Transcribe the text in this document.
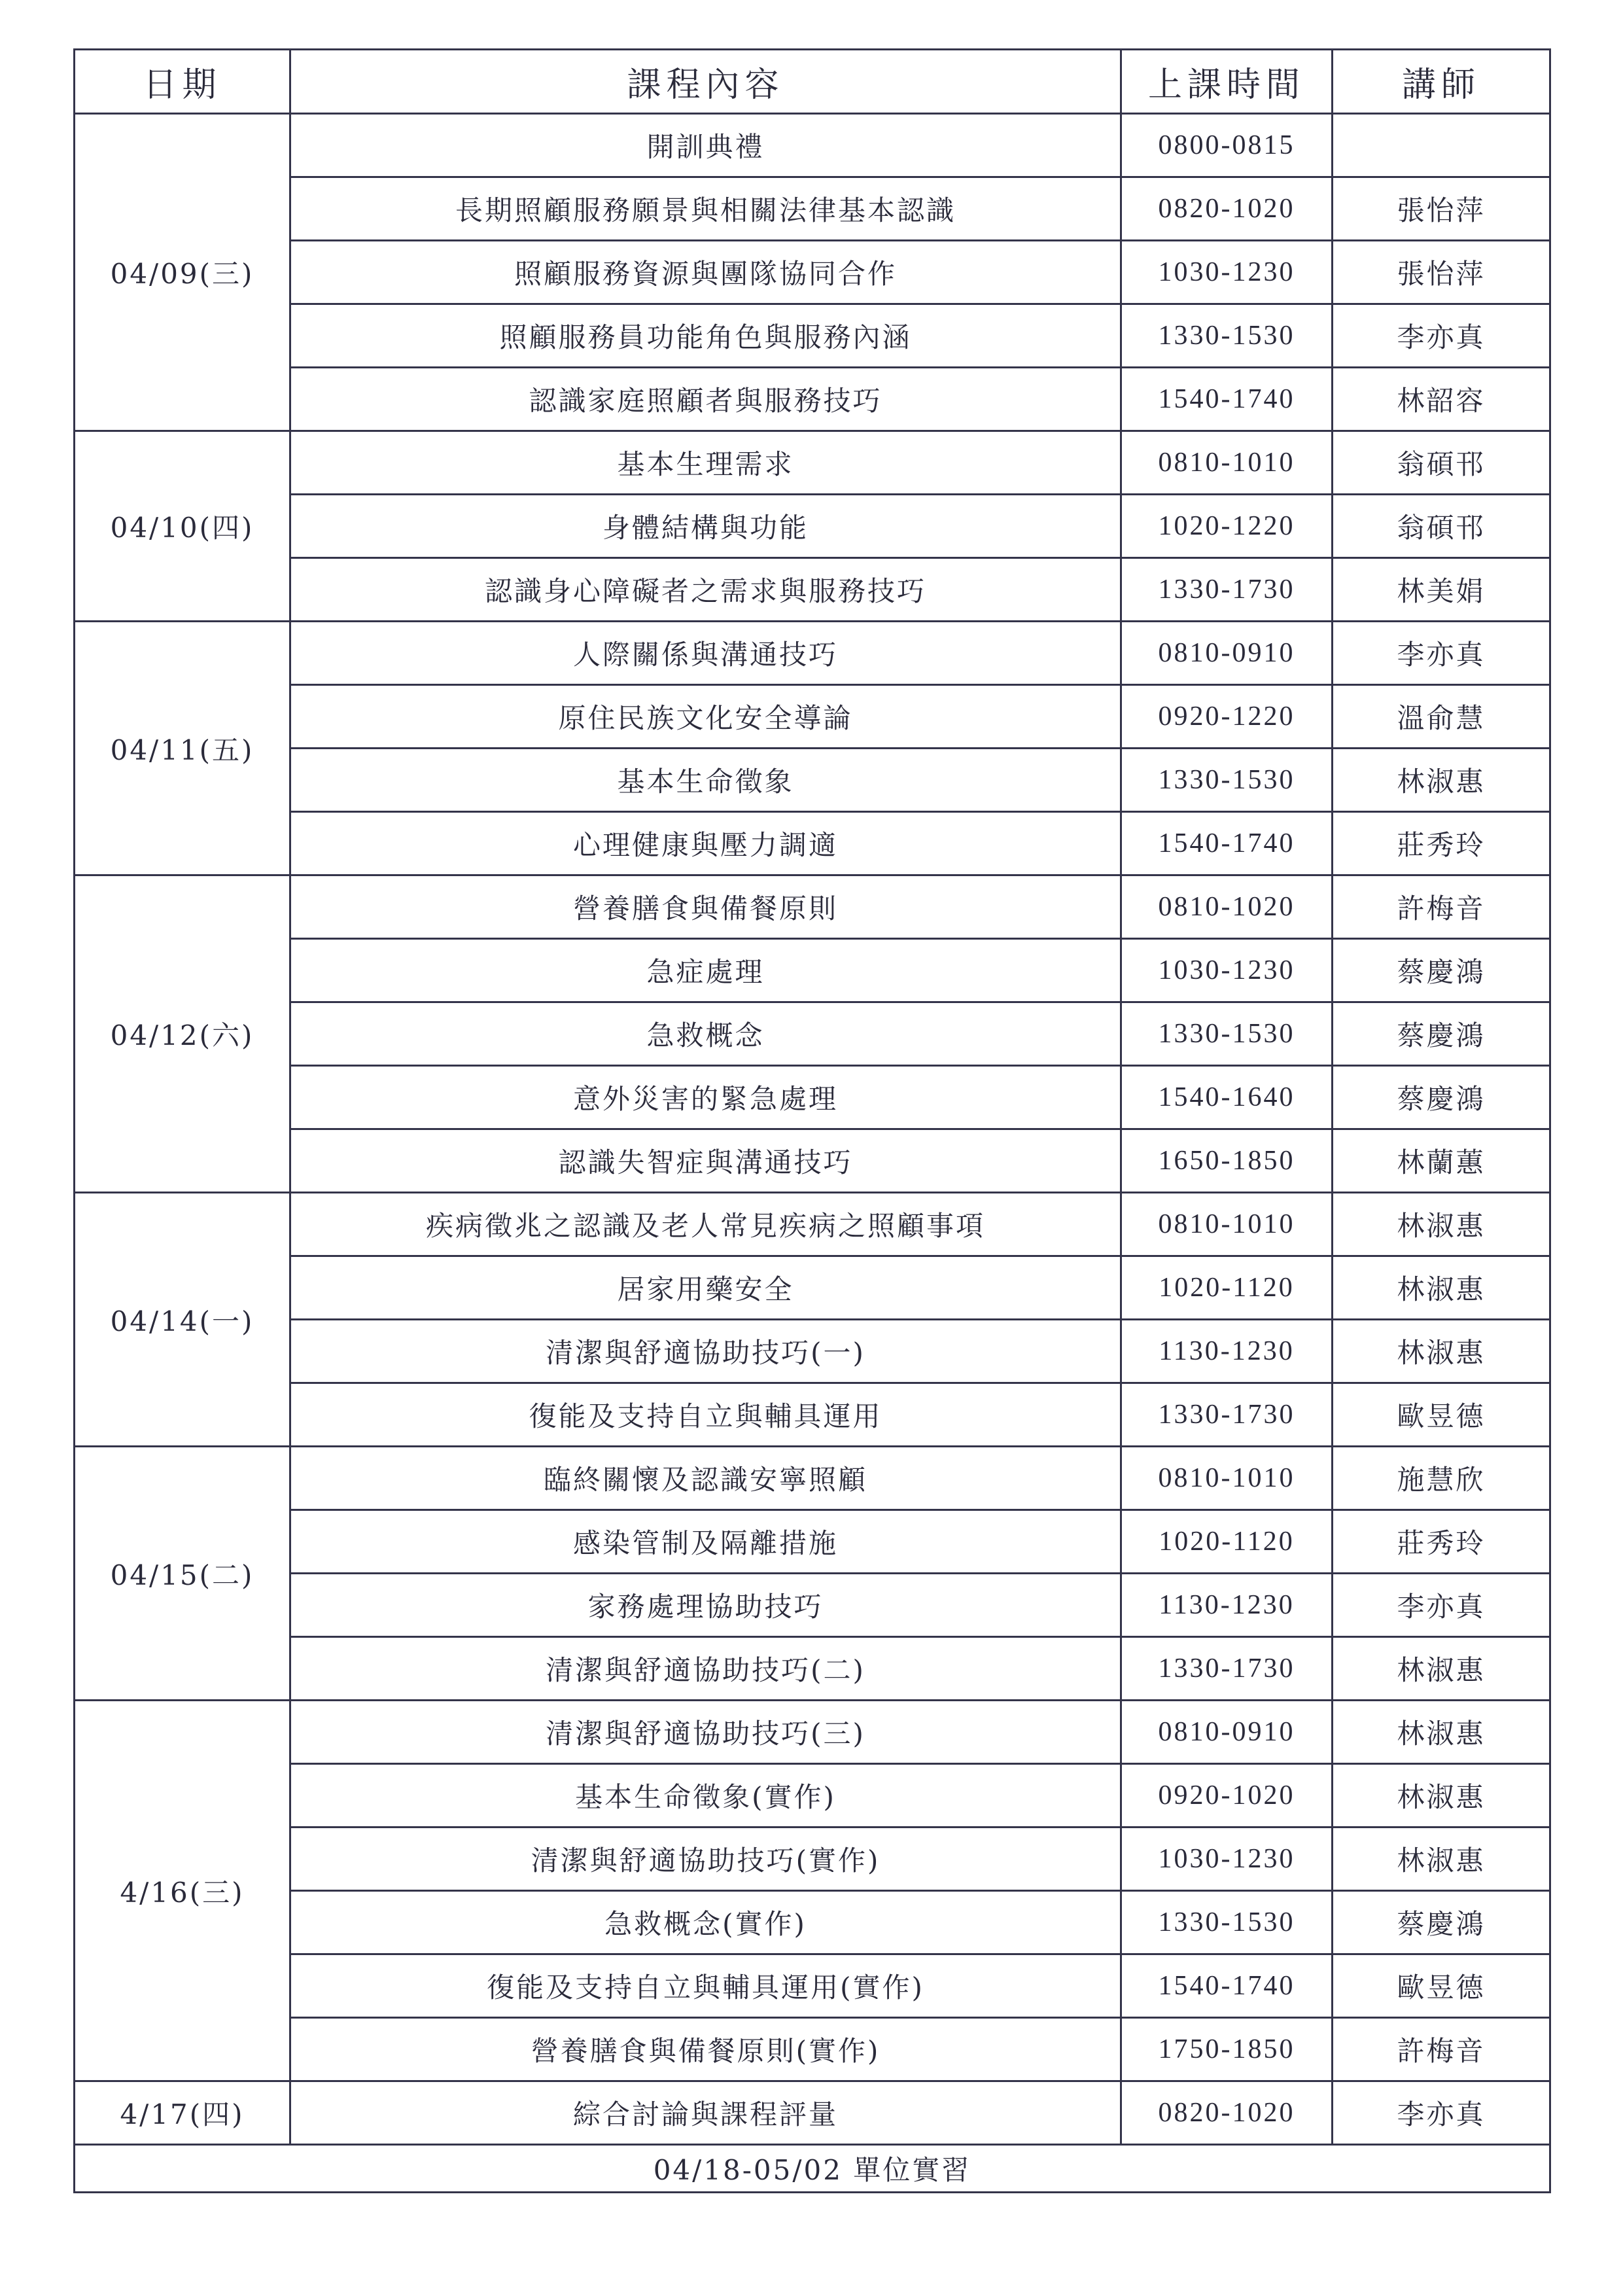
日期	課程內容	上課時間	講師
04/09(三)	開訓典禮	0800-0815	
	長期照顧服務願景與相關法律基本認識	0820-1020	張怡萍
	照顧服務資源與團隊協同合作	1030-1230	張怡萍
	照顧服務員功能角色與服務內涵	1330-1530	李亦真
	認識家庭照顧者與服務技巧	1540-1740	林韶容
04/10(四)	基本生理需求	0810-1010	翁碩邗
	身體結構與功能	1020-1220	翁碩邗
	認識身心障礙者之需求與服務技巧	1330-1730	林美娟
04/11(五)	人際關係與溝通技巧	0810-0910	李亦真
	原住民族文化安全導論	0920-1220	溫俞慧
	基本生命徵象	1330-1530	林淑惠
	心理健康與壓力調適	1540-1740	莊秀玲
04/12(六)	營養膳食與備餐原則	0810-1020	許梅音
	急症處理	1030-1230	蔡慶鴻
	急救概念	1330-1530	蔡慶鴻
	意外災害的緊急處理	1540-1640	蔡慶鴻
	認識失智症與溝通技巧	1650-1850	林蘭蕙
04/14(一)	疾病徵兆之認識及老人常見疾病之照顧事項	0810-1010	林淑惠
	居家用藥安全	1020-1120	林淑惠
	清潔與舒適協助技巧(一)	1130-1230	林淑惠
	復能及支持自立與輔具運用	1330-1730	歐昱德
04/15(二)	臨終關懷及認識安寧照顧	0810-1010	施慧欣
	感染管制及隔離措施	1020-1120	莊秀玲
	家務處理協助技巧	1130-1230	李亦真
	清潔與舒適協助技巧(二)	1330-1730	林淑惠
4/16(三)	清潔與舒適協助技巧(三)	0810-0910	林淑惠
	基本生命徵象(實作)	0920-1020	林淑惠
	清潔與舒適協助技巧(實作)	1030-1230	林淑惠
	急救概念(實作)	1330-1530	蔡慶鴻
	復能及支持自立與輔具運用(實作)	1540-1740	歐昱德
	營養膳食與備餐原則(實作)	1750-1850	許梅音
4/17(四)	綜合討論與課程評量	0820-1020	李亦真
04/18-05/02 單位實習			
